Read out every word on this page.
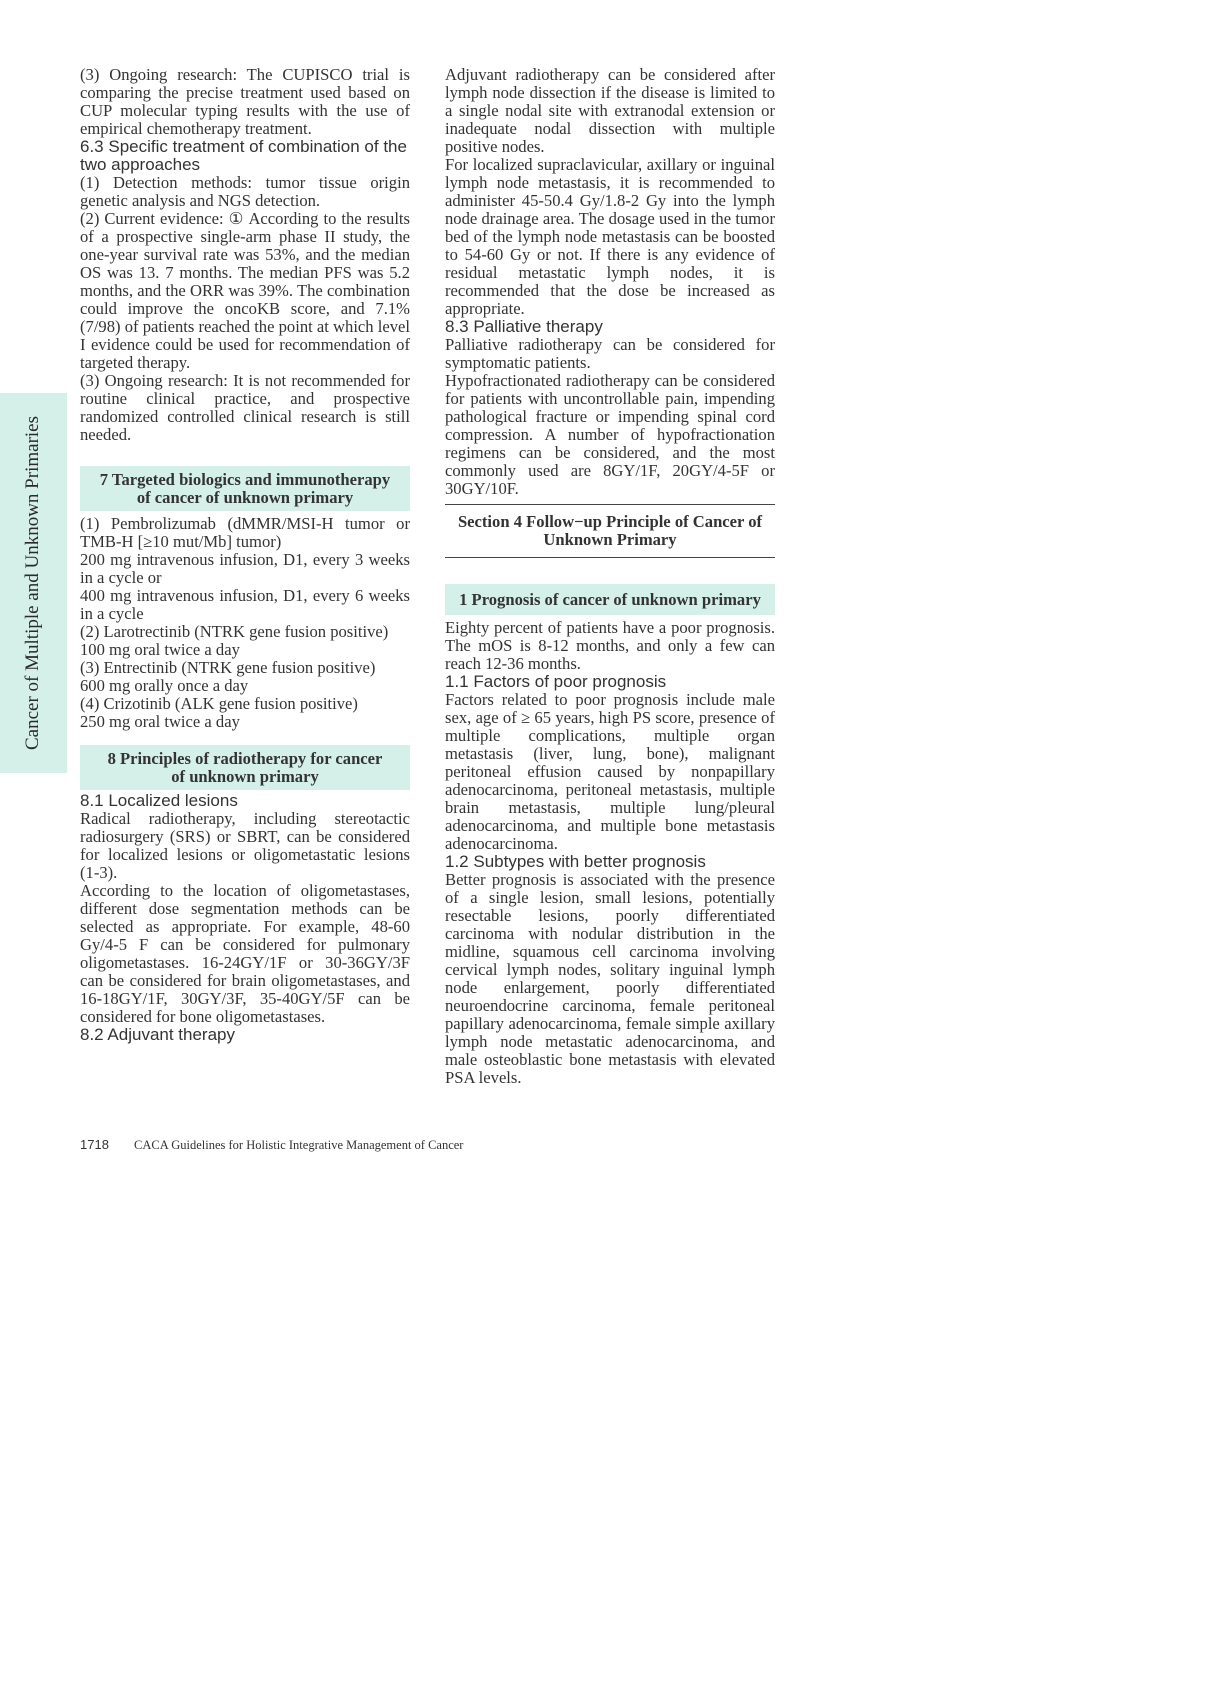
Cancer of Multiple and Unknown Primaries

(3) Ongoing research: The CUPISCO trial is comparing the precise treatment used based on CUP molecular typing results with the use of empirical chemotherapy treatment.

6.3 Specific treatment of combination of the two approaches

(1) Detection methods: tumor tissue origin genetic analysis and NGS detection.

(2) Current evidence: ① According to the results of a prospective single-arm phase II study, the one-year survival rate was 53%, and the median OS was 13. 7 months. The median PFS was 5.2 months, and the ORR was 39%. The combination could improve the oncoKB score, and 7.1% (7/98) of patients reached the point at which level I evidence could be used for recommendation of targeted therapy.

(3) Ongoing research: It is not recommended for routine clinical practice, and prospective randomized controlled clinical research is still needed.

7 Targeted biologics and immunotherapy of cancer of unknown primary

(1) Pembrolizumab (dMMR/MSI-H tumor or TMB-H [≥10 mut/Mb] tumor)

200 mg intravenous infusion, D1, every 3 weeks in a cycle or

400 mg intravenous infusion, D1, every 6 weeks in a cycle

(2) Larotrectinib (NTRK gene fusion positive)

100 mg oral twice a day

(3) Entrectinib (NTRK gene fusion positive)

600 mg orally once a day

(4) Crizotinib (ALK gene fusion positive)

250 mg oral twice a day

8 Principles of radiotherapy for cancer of unknown primary

8.1 Localized lesions

Radical radiotherapy, including stereotactic radiosurgery (SRS) or SBRT, can be considered for localized lesions or oligometastatic lesions (1-3).

According to the location of oligometastases, different dose segmentation methods can be selected as appropriate. For example, 48-60 Gy/4-5 F can be considered for pulmonary oligometastases. 16-24GY/1F or 30-36GY/3F can be considered for brain oligometastases, and 16-18GY/1F, 30GY/3F, 35-40GY/5F can be considered for bone oligometastases.

8.2 Adjuvant therapy

Adjuvant radiotherapy can be considered after lymph node dissection if the disease is limited to a single nodal site with extranodal extension or inadequate nodal dissection with multiple positive nodes.

For localized supraclavicular, axillary or inguinal lymph node metastasis, it is recommended to administer 45-50.4 Gy/1.8-2 Gy into the lymph node drainage area. The dosage used in the tumor bed of the lymph node metastasis can be boosted to 54-60 Gy or not. If there is any evidence of residual metastatic lymph nodes, it is recommended that the dose be increased as appropriate.

8.3 Palliative therapy

Palliative radiotherapy can be considered for symptomatic patients.

Hypofractionated radiotherapy can be considered for patients with uncontrollable pain, impending pathological fracture or impending spinal cord compression. A number of hypofractionation regimens can be considered, and the most commonly used are 8GY/1F, 20GY/4-5F or 30GY/10F.

Section 4 Follow−up Principle of Cancer of Unknown Primary
1 Prognosis of cancer of unknown primary

Eighty percent of patients have a poor prognosis. The mOS is 8-12 months, and only a few can reach 12-36 months.

1.1 Factors of poor prognosis

Factors related to poor prognosis include male sex, age of ≥ 65 years, high PS score, presence of multiple complications, multiple organ metastasis (liver, lung, bone), malignant peritoneal effusion caused by nonpapillary adenocarcinoma, peritoneal metastasis, multiple brain metastasis, multiple lung/pleural adenocarcinoma, and multiple bone metastasis adenocarcinoma.

1.2 Subtypes with better prognosis

Better prognosis is associated with the presence of a single lesion, small lesions, potentially resectable lesions, poorly differentiated carcinoma with nodular distribution in the midline, squamous cell carcinoma involving cervical lymph nodes, solitary inguinal lymph node enlargement, poorly differentiated neuroendocrine carcinoma, female peritoneal papillary adenocarcinoma, female simple axillary lymph node metastatic adenocarcinoma, and male osteoblastic bone metastasis with elevated PSA levels.

1718 CACA Guidelines for Holistic Integrative Management of Cancer
